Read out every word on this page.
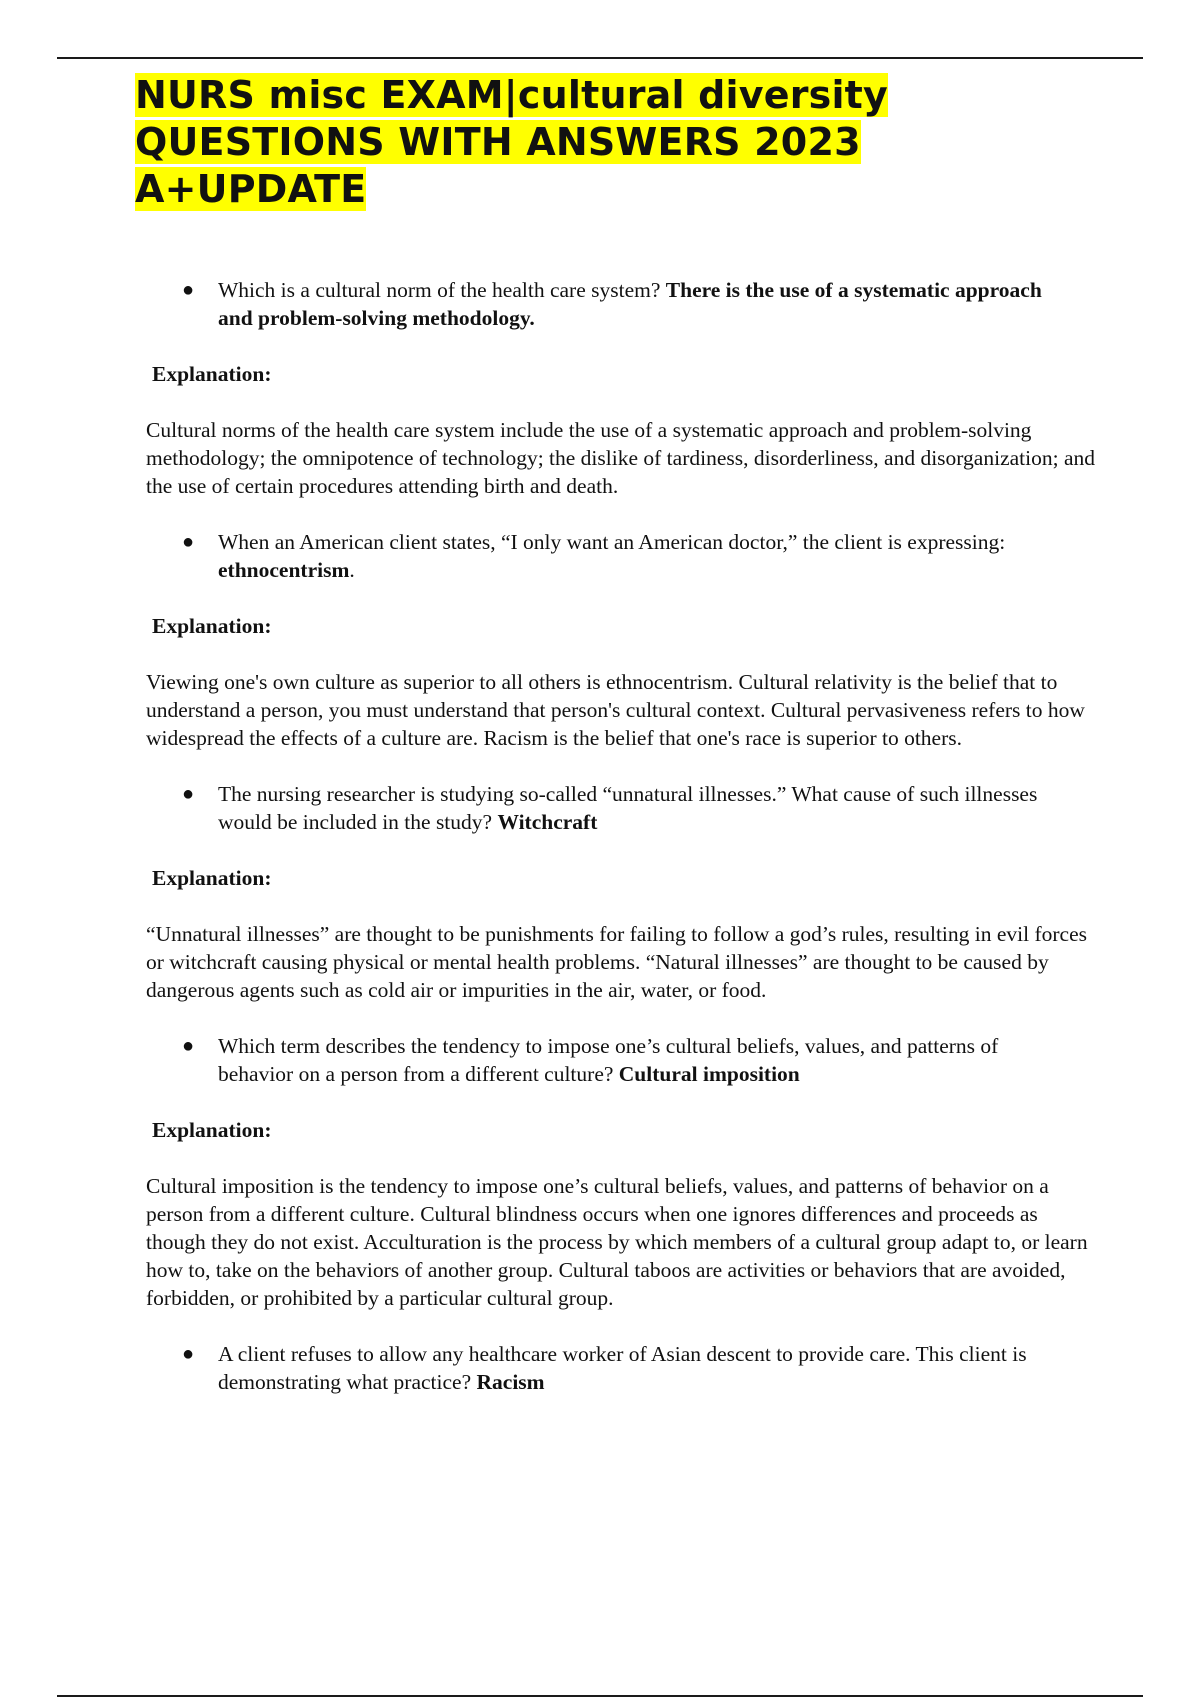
NURS misc EXAM|cultural diversity QUESTIONS WITH ANSWERS 2023 A+UPDATE
● Which is a cultural norm of the health care system? There is the use of a systematic approach and problem-solving methodology.
Explanation:
Cultural norms of the health care system include the use of a systematic approach and problem-solving methodology; the omnipotence of technology; the dislike of tardiness, disorderliness, and disorganization; and the use of certain procedures attending birth and death.
● When an American client states, “I only want an American doctor,” the client is expressing: ethnocentrism.
Explanation:
Viewing one's own culture as superior to all others is ethnocentrism. Cultural relativity is the belief that to understand a person, you must understand that person's cultural context. Cultural pervasiveness refers to how widespread the effects of a culture are. Racism is the belief that one's race is superior to others.
● The nursing researcher is studying so-called “unnatural illnesses.” What cause of such illnesses would be included in the study? Witchcraft
Explanation:
“Unnatural illnesses” are thought to be punishments for failing to follow a god’s rules, resulting in evil forces or witchcraft causing physical or mental health problems. “Natural illnesses” are thought to be caused by dangerous agents such as cold air or impurities in the air, water, or food.
● Which term describes the tendency to impose one’s cultural beliefs, values, and patterns of behavior on a person from a different culture? Cultural imposition
Explanation:
Cultural imposition is the tendency to impose one’s cultural beliefs, values, and patterns of behavior on a person from a different culture. Cultural blindness occurs when one ignores differences and proceeds as though they do not exist. Acculturation is the process by which members of a cultural group adapt to, or learn how to, take on the behaviors of another group. Cultural taboos are activities or behaviors that are avoided, forbidden, or prohibited by a particular cultural group.
● A client refuses to allow any healthcare worker of Asian descent to provide care. This client is demonstrating what practice? Racism
